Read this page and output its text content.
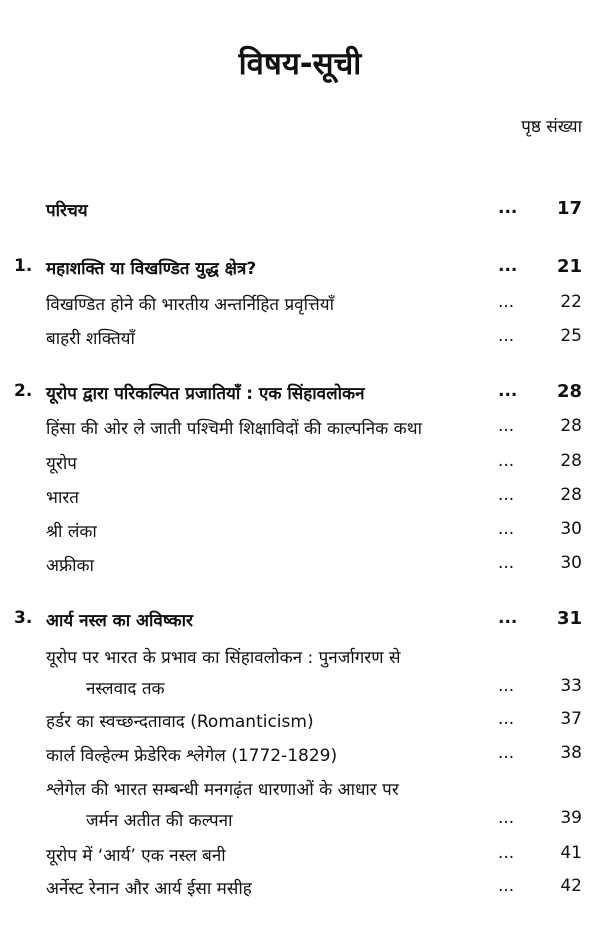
विषय-सूची
पृष्ठ संख्या
परिचय	... 17
1. महाशक्ति या विखण्डित युद्ध क्षेत्र?	... 21
विखण्डित होने की भारतीय अन्तर्निहित प्रवृत्तियाँ	...	22
बाहरी शक्तियाँ	...	25
2. यूरोप द्वारा परिकल्पित प्रजातियाँ : एक सिंहावलोकन	... 28
हिंसा की ओर ले जाती पश्चिमी शिक्षाविदों की काल्पनिक कथा	...	28
यूरोप	...	28
भारत	...	28
श्री लंका	...	30
अफ्रीका	...	30
3. आर्य नस्ल का अविष्कार	... 31
यूरोप पर भारत के प्रभाव का सिंहावलोकन : पुनर्जागरण से
नस्लवाद तक	...	33
हर्डर का स्वच्छन्दतावाद (Romanticism)	...	37
कार्ल विल्हेल्म फ्रेडेरिक श्लेगेल (1772-1829)	...	38
श्लेगेल की भारत सम्बन्धी मनगढ़ंत धारणाओं के आधार पर
जर्मन अतीत की कल्पना	...	39
यूरोप में ‘आर्य’ एक नस्ल बनी	...	41
अर्नेस्ट रेनान और आर्य ईसा मसीह	...	42
